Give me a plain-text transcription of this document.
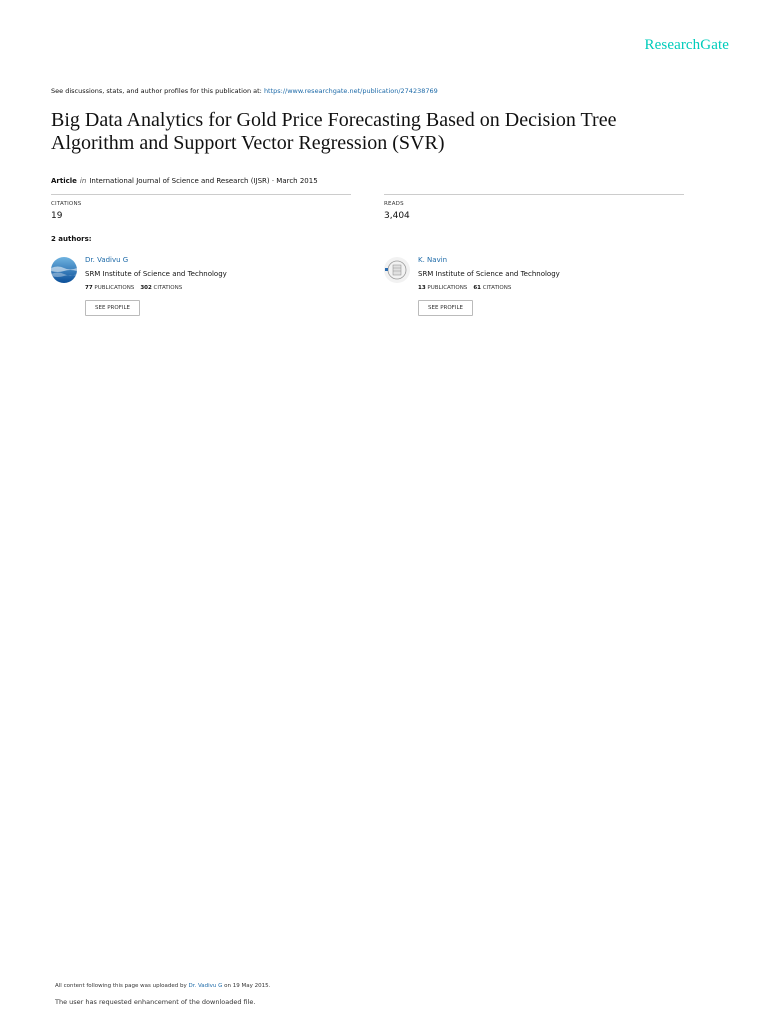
ResearchGate
See discussions, stats, and author profiles for this publication at: https://www.researchgate.net/publication/274238769
Big Data Analytics for Gold Price Forecasting Based on Decision Tree Algorithm and Support Vector Regression (SVR)
Article in International Journal of Science and Research (IJSR) · March 2015
CITATIONS
19
READS
3,404
2 authors:
Dr. Vadivu G
SRM Institute of Science and Technology
77 PUBLICATIONS 302 CITATIONS
SEE PROFILE
K. Navin
SRM Institute of Science and Technology
13 PUBLICATIONS 61 CITATIONS
SEE PROFILE
All content following this page was uploaded by Dr. Vadivu G on 19 May 2015.
The user has requested enhancement of the downloaded file.
